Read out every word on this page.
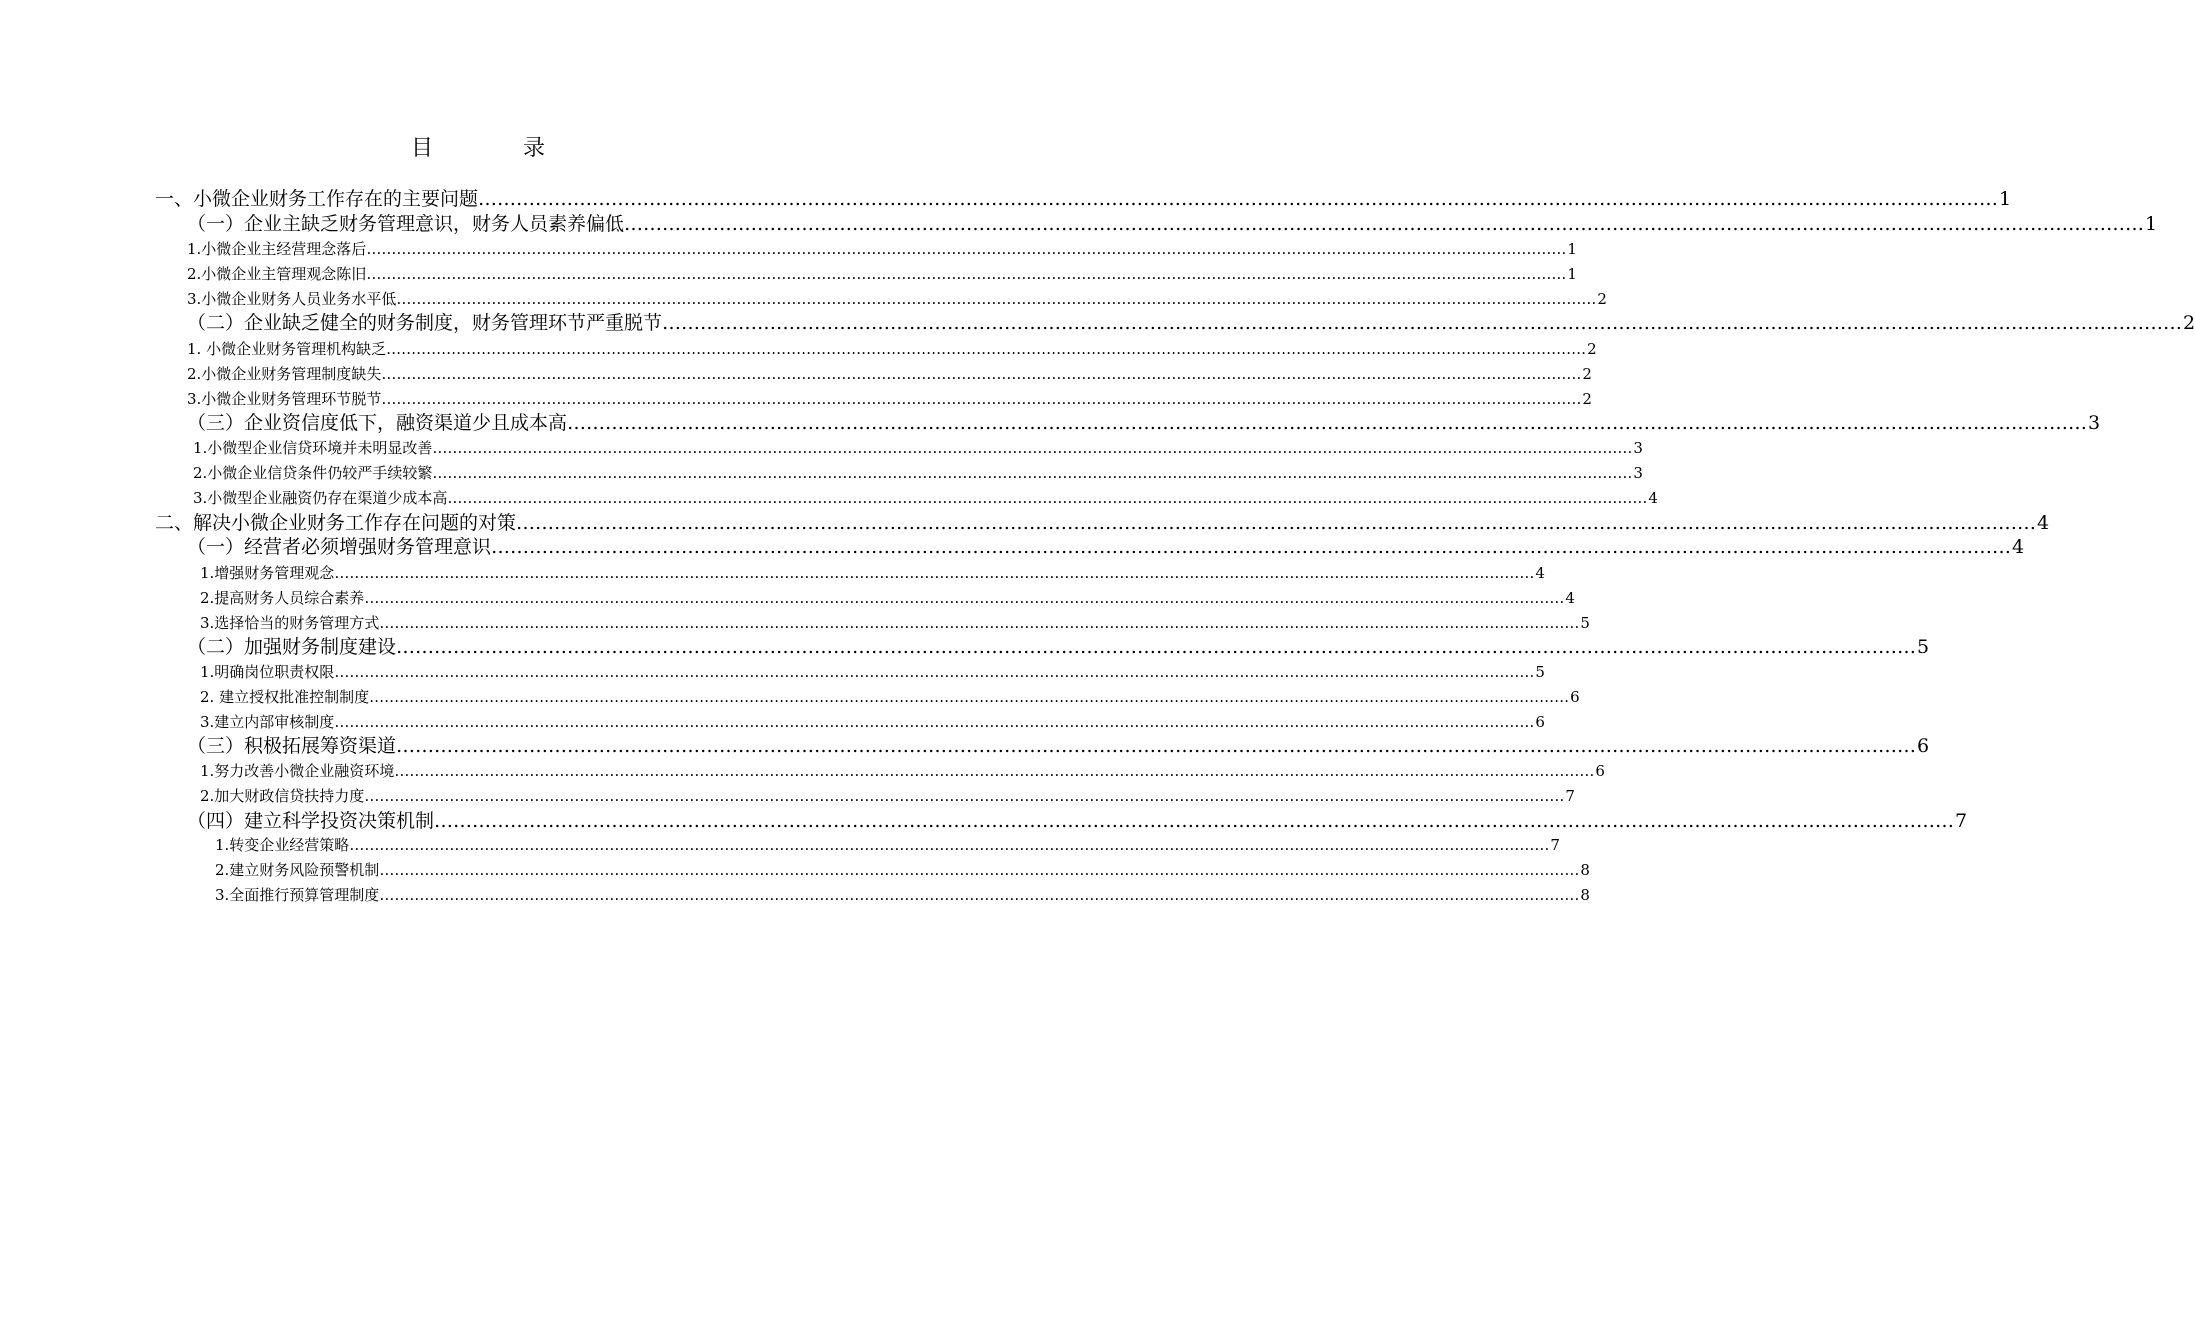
目　录
一、小微企业财务工作存在的主要问题 …………………………………………………………………………………………………………………………………………………………………………………………………………………… 1
（一）企业主缺乏财务管理意识，财务人员素养偏低 …………………………………………………………………………………………………………………………………………………………………………………………………………………… 1
1.小微企业主经营理念落后 …………………………………………………………………………………………………………………………………………………………………………………………………………………… 1
2.小微企业主管理观念陈旧 …………………………………………………………………………………………………………………………………………………………………………………………………………………… 1
3.小微企业财务人员业务水平低 …………………………………………………………………………………………………………………………………………………………………………………………………………………… 2
（二）企业缺乏健全的财务制度，财务管理环节严重脱节 …………………………………………………………………………………………………………………………………………………………………………………………………………………… 2
1. 小微企业财务管理机构缺乏 …………………………………………………………………………………………………………………………………………………………………………………………………………………… 2
2.小微企业财务管理制度缺失 …………………………………………………………………………………………………………………………………………………………………………………………………………………… 2
3.小微企业财务管理环节脱节 …………………………………………………………………………………………………………………………………………………………………………………………………………………… 2
（三）企业资信度低下，融资渠道少且成本高 …………………………………………………………………………………………………………………………………………………………………………………………………………………… 3
1.小微型企业信贷环境并未明显改善 …………………………………………………………………………………………………………………………………………………………………………………………………………………… 3
2.小微企业信贷条件仍较严手续较繁 …………………………………………………………………………………………………………………………………………………………………………………………………………………… 3
3.小微型企业融资仍存在渠道少成本高 …………………………………………………………………………………………………………………………………………………………………………………………………………………… 4
二、解决小微企业财务工作存在问题的对策 …………………………………………………………………………………………………………………………………………………………………………………………………………………… 4
（一）经营者必须增强财务管理意识 …………………………………………………………………………………………………………………………………………………………………………………………………………………… 4
1.增强财务管理观念 …………………………………………………………………………………………………………………………………………………………………………………………………………………… 4
2.提高财务人员综合素养 …………………………………………………………………………………………………………………………………………………………………………………………………………………… 4
3.选择恰当的财务管理方式 …………………………………………………………………………………………………………………………………………………………………………………………………………………… 5
（二）加强财务制度建设 …………………………………………………………………………………………………………………………………………………………………………………………………………………… 5
1.明确岗位职责权限 …………………………………………………………………………………………………………………………………………………………………………………………………………………… 5
2. 建立授权批准控制制度 …………………………………………………………………………………………………………………………………………………………………………………………………………………… 6
3.建立内部审核制度 …………………………………………………………………………………………………………………………………………………………………………………………………………………… 6
（三）积极拓展筹资渠道 …………………………………………………………………………………………………………………………………………………………………………………………………………………… 6
1.努力改善小微企业融资环境 …………………………………………………………………………………………………………………………………………………………………………………………………………………… 6
2.加大财政信贷扶持力度 …………………………………………………………………………………………………………………………………………………………………………………………………………………… 7
（四）建立科学投资决策机制 …………………………………………………………………………………………………………………………………………………………………………………………………………………… 7
1.转变企业经营策略 …………………………………………………………………………………………………………………………………………………………………………………………………………………… 7
2.建立财务风险预警机制 …………………………………………………………………………………………………………………………………………………………………………………………………………………… 8
3.全面推行预算管理制度 …………………………………………………………………………………………………………………………………………………………………………………………………………………… 8
